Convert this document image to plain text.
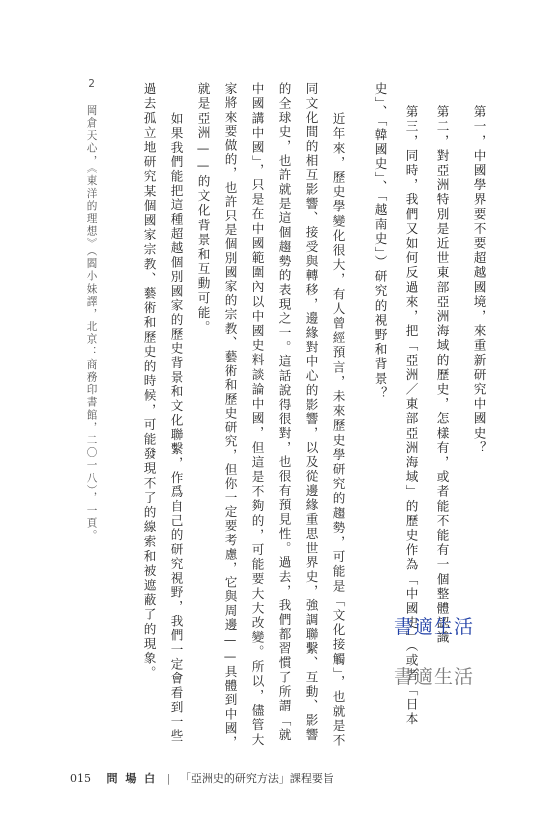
第一，中國學界要不要超越國境，來重新研究中國史？
第二，對亞洲特別是近世東部亞洲海域的歷史，怎樣有，或者能不能有一個整體認識
第三，同時，我們又如何反過來，把「亞洲／東部亞洲海域」的歷史作為「中國史」（或者「日本
史」、「韓國史」、「越南史」）研究的視野和背景？
近年來，歷史學變化很大，有人曾經預言，未來歷史學研究的趨勢，可能是「文化接觸」，也就是不
同文化間的相互影響、接受與轉移，邊緣對中心的影響，以及從邊緣重思世界史，強調聯繫、互動、影響
的全球史，也許就是這個趨勢的表現之一。這話說得很對，也很有預見性。過去，我們都習慣了所謂「就
中國講中國」，只是在中國範圍內以中國史料談論中國，但這是不夠的，可能要大大改變。所以，儘管大
家將來要做的，也許只是個別國家的宗教、藝術和歷史研究，但你一定要考慮，它與周邊——具體到中國，
就是亞洲——的文化背景和互動可能。
如果我們能把這種超越個別國家的歷史背景和文化聯繫，作爲自己的研究視野，我們一定會看到一些
過去孤立地研究某個國家宗教、藝術和歷史的時候，可能發現不了的線索和被遮蔽了的現象。
2　岡倉天心，《東洋的理想》（閻小妹譯，北京：商務印書館，二〇一八），一頁。
書適生活
書適生活
015 問 場 白 | 「亞洲史的研究方法」課程要旨
